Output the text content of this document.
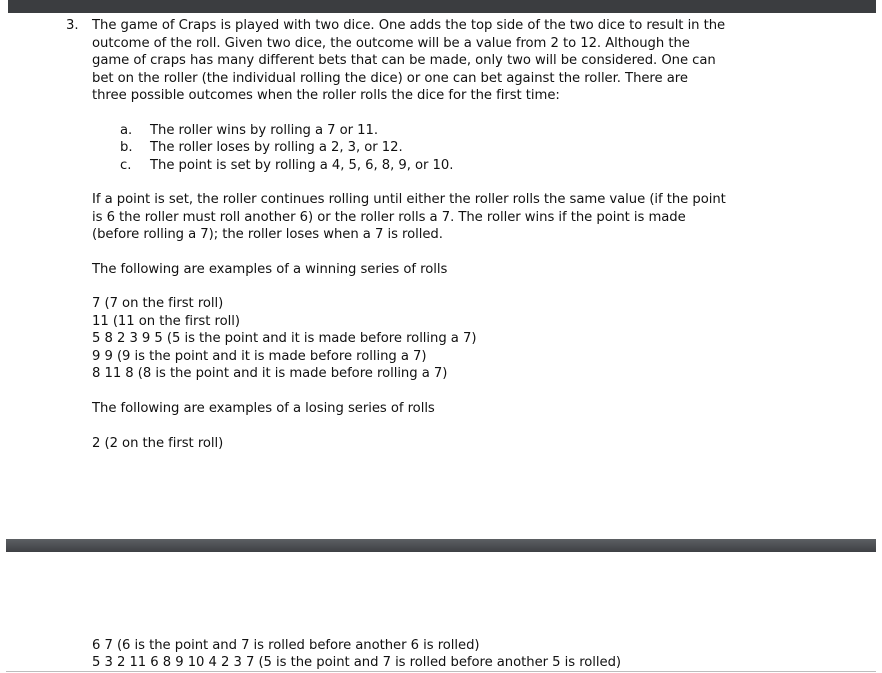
3. The game of Craps is played with two dice. One adds the top side of the two dice to result in the
outcome of the roll. Given two dice, the outcome will be a value from 2 to 12. Although the
game of craps has many different bets that can be made, only two will be considered. One can
bet on the roller (the individual rolling the dice) or one can bet against the roller. There are
three possible outcomes when the roller rolls the dice for the first time:
a. The roller wins by rolling a 7 or 11.
b. The roller loses by rolling a 2, 3, or 12.
c. The point is set by rolling a 4, 5, 6, 8, 9, or 10.
If a point is set, the roller continues rolling until either the roller rolls the same value (if the point
is 6 the roller must roll another 6) or the roller rolls a 7. The roller wins if the point is made
(before rolling a 7); the roller loses when a 7 is rolled.
The following are examples of a winning series of rolls
7 (7 on the first roll)
11 (11 on the first roll)
5 8 2 3 9 5 (5 is the point and it is made before rolling a 7)
9 9 (9 is the point and it is made before rolling a 7)
8 11 8 (8 is the point and it is made before rolling a 7)
The following are examples of a losing series of rolls
2 (2 on the first roll)
6 7 (6 is the point and 7 is rolled before another 6 is rolled)
5 3 2 11 6 8 9 10 4 2 3 7 (5 is the point and 7 is rolled before another 5 is rolled)
